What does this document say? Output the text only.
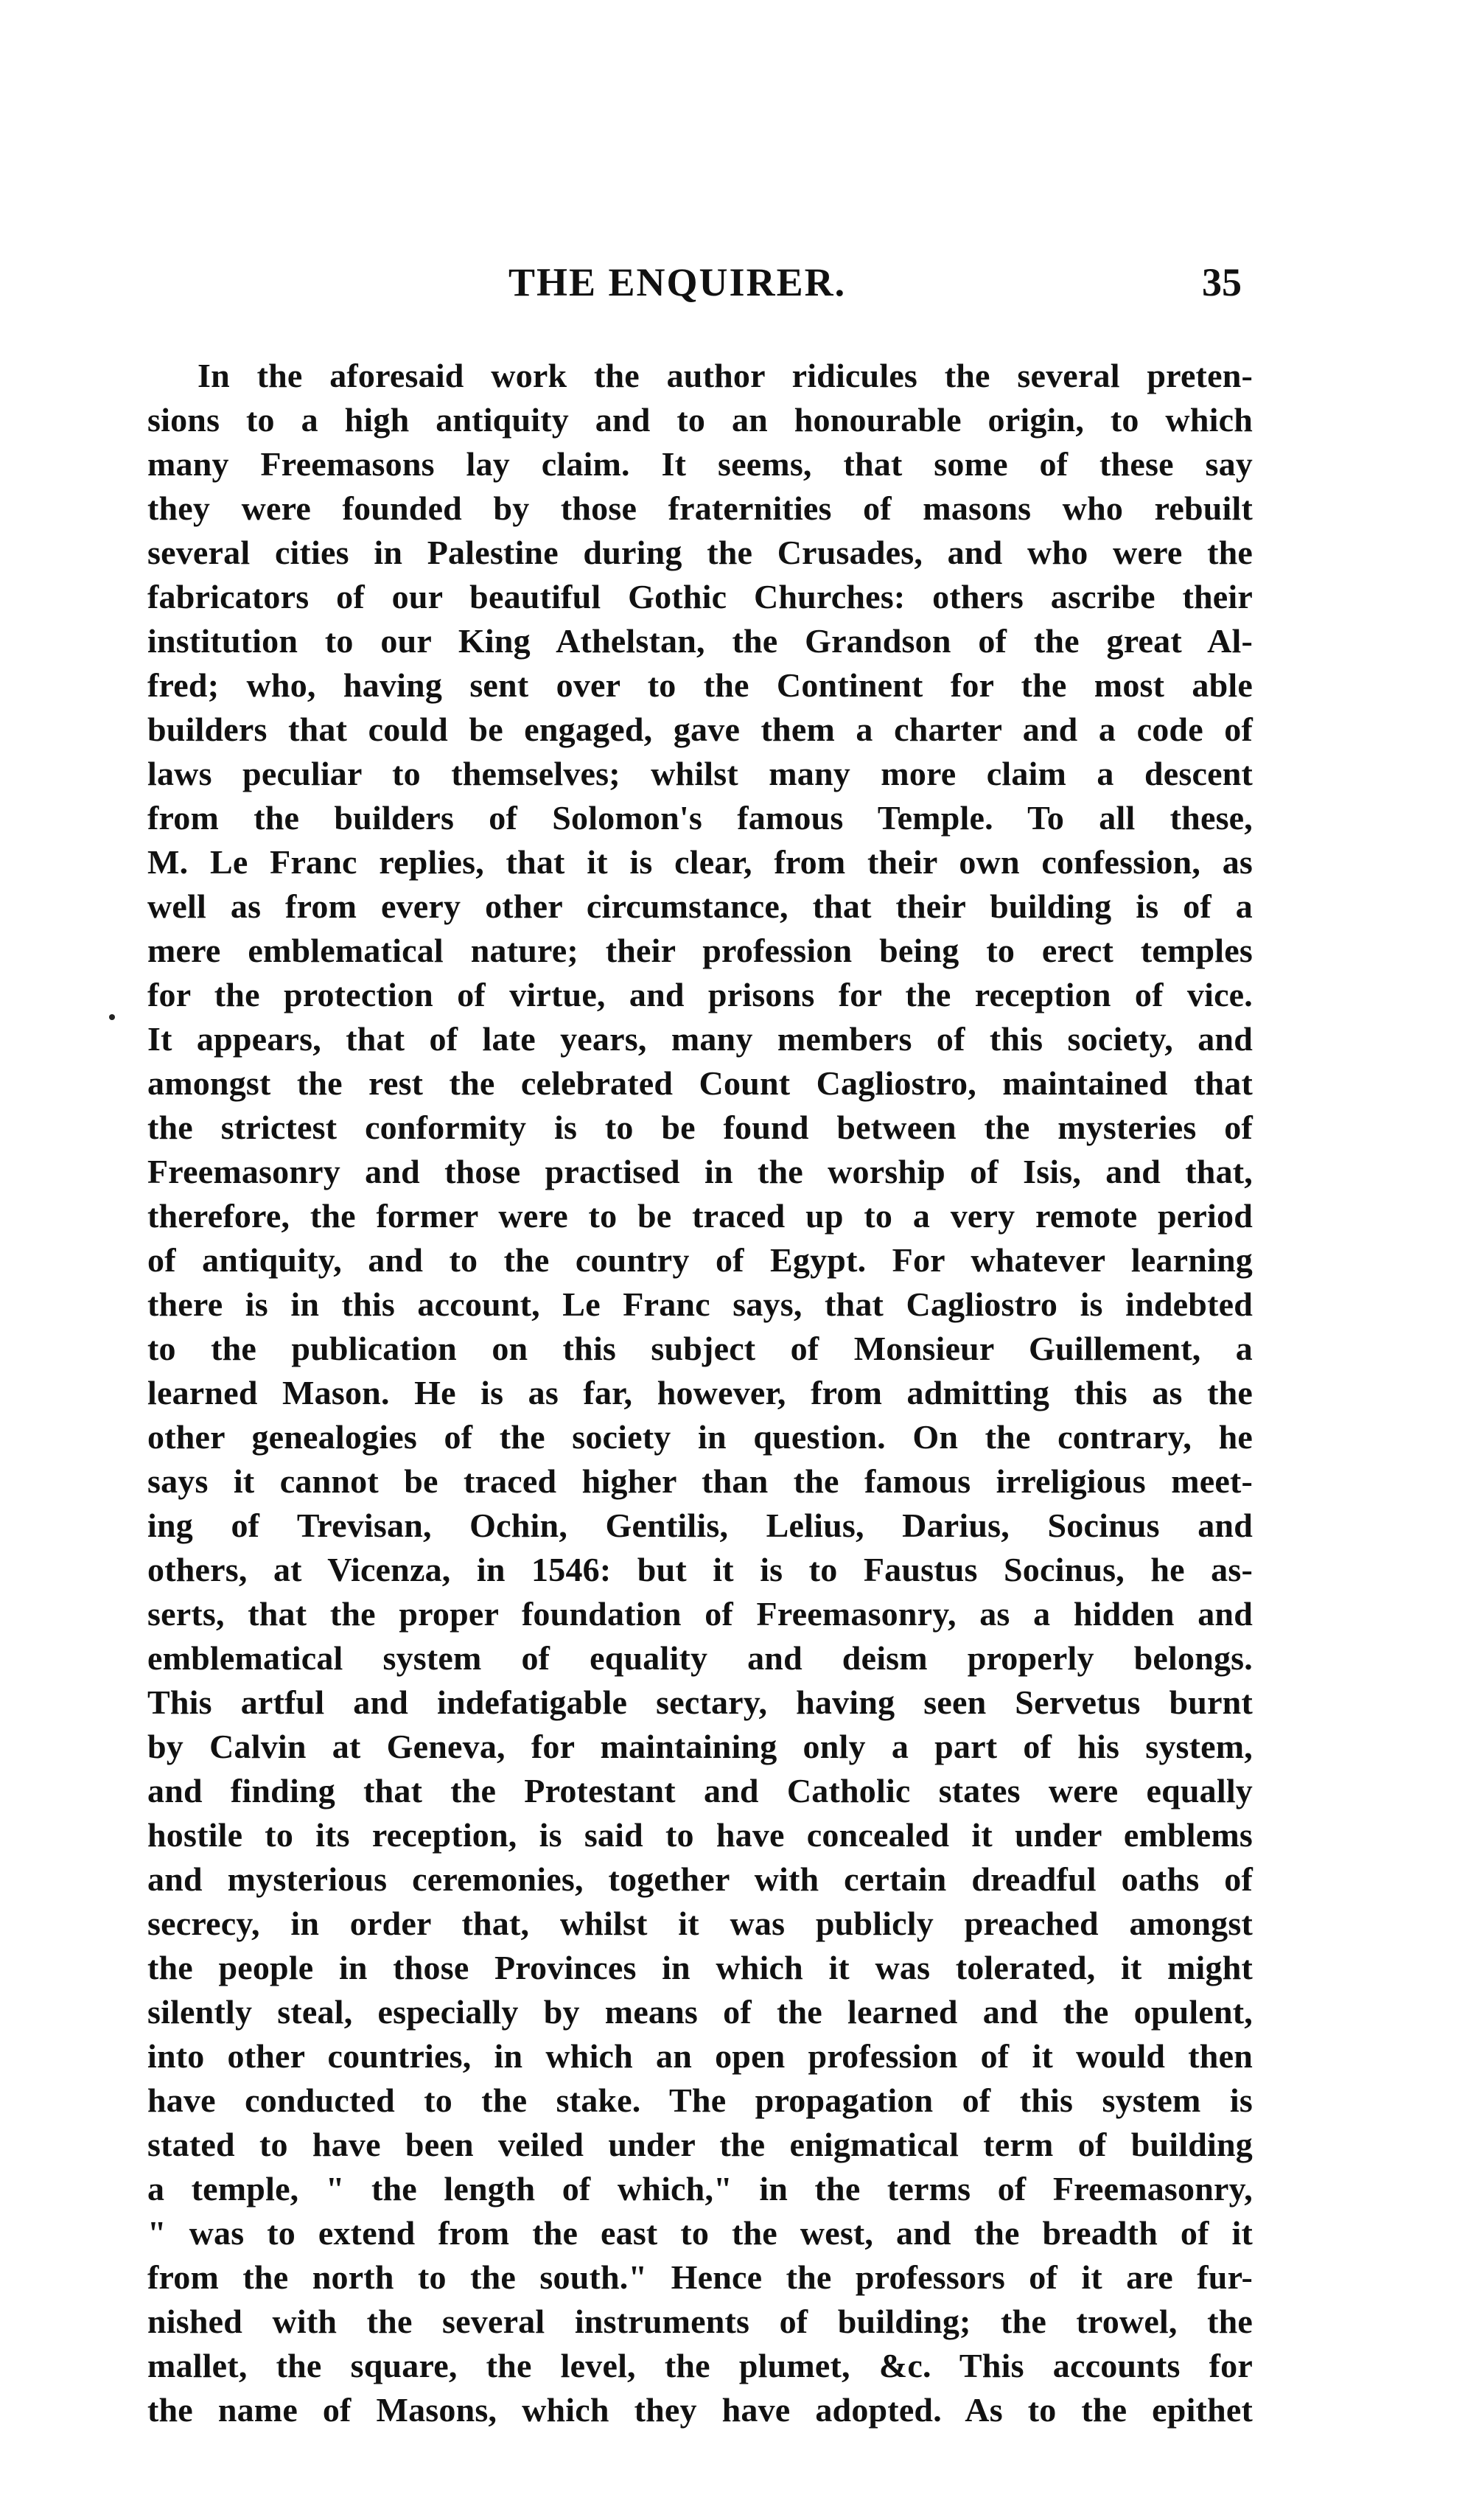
THE ENQUIRER.	35
In the aforesaid work the author ridicules the several preten-
sions to a high antiquity and to an honourable origin, to which
many Freemasons lay claim. It seems, that some of these say
they were founded by those fraternities of masons who rebuilt
several cities in Palestine during the Crusades, and who were the
fabricators of our beautiful Gothic Churches: others ascribe their
institution to our King Athelstan, the Grandson of the great Al-
fred; who, having sent over to the Continent for the most able
builders that could be engaged, gave them a charter and a code of
laws peculiar to themselves; whilst many more claim a descent
from the builders of Solomon's famous Temple. To all these,
M. Le Franc replies, that it is clear, from their own confession, as
well as from every other circumstance, that their building is of a
mere emblematical nature; their profession being to erect temples
for the protection of virtue, and prisons for the reception of vice.
It appears, that of late years, many members of this society, and
amongst the rest the celebrated Count Cagliostro, maintained that
the strictest conformity is to be found between the mysteries of
Freemasonry and those practised in the worship of Isis, and that,
therefore, the former were to be traced up to a very remote period
of antiquity, and to the country of Egypt. For whatever learning
there is in this account, Le Franc says, that Cagliostro is indebted
to the publication on this subject of Monsieur Guillement, a
learned Mason. He is as far, however, from admitting this as the
other genealogies of the society in question. On the contrary, he
says it cannot be traced higher than the famous irreligious meet-
ing of Trevisan, Ochin, Gentilis, Lelius, Darius, Socinus and
others, at Vicenza, in 1546: but it is to Faustus Socinus, he as-
serts, that the proper foundation of Freemasonry, as a hidden and
emblematical system of equality and deism properly belongs.
This artful and indefatigable sectary, having seen Servetus burnt
by Calvin at Geneva, for maintaining only a part of his system,
and finding that the Protestant and Catholic states were equally
hostile to its reception, is said to have concealed it under emblems
and mysterious ceremonies, together with certain dreadful oaths of
secrecy, in order that, whilst it was publicly preached amongst
the people in those Provinces in which it was tolerated, it might
silently steal, especially by means of the learned and the opulent,
into other countries, in which an open profession of it would then
have conducted to the stake. The propagation of this system is
stated to have been veiled under the enigmatical term of building
a temple, " the length of which," in the terms of Freemasonry,
" was to extend from the east to the west, and the breadth of it
from the north to the south." Hence the professors of it are fur-
nished with the several instruments of building; the trowel, the
mallet, the square, the level, the plumet, &c. This accounts for
the name of Masons, which they have adopted. As to the epithet
